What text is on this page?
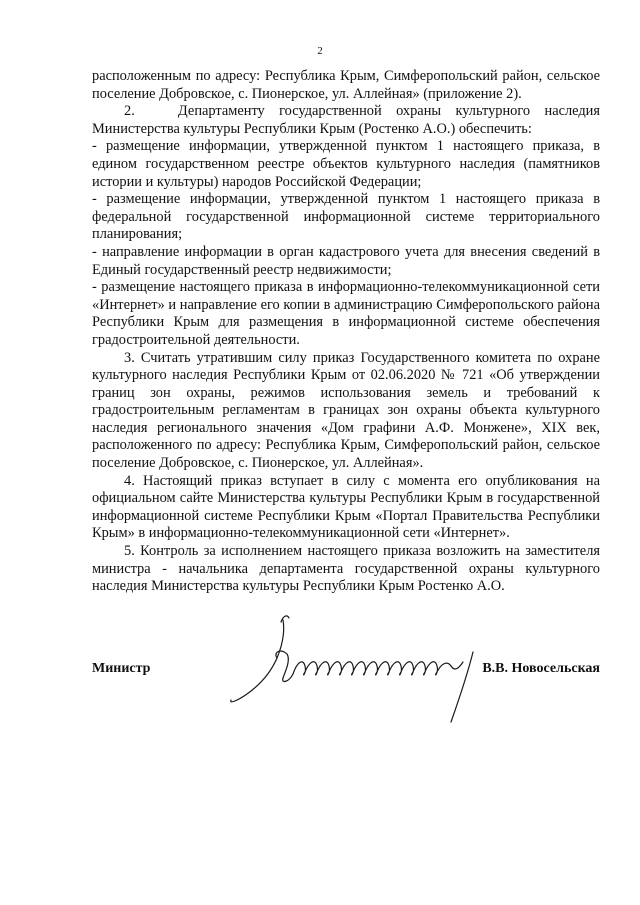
2

расположенным по адресу: Республика Крым, Симферопольский район, сельское поселение Добровское, с. Пионерское, ул. Аллейная» (приложение 2).

2.   Департаменту государственной охраны культурного наследия Министерства культуры Республики Крым (Ростенко А.О.) обеспечить:

- размещение информации, утвержденной пунктом 1 настоящего приказа, в едином государственном реестре объектов культурного наследия (памятников истории и культуры) народов Российской Федерации;

- размещение информации, утвержденной пунктом 1 настоящего приказа в федеральной государственной информационной системе территориального планирования;

- направление информации в орган кадастрового учета для внесения сведений в Единый государственный реестр недвижимости;

- размещение настоящего приказа в информационно-телекоммуникационной сети «Интернет» и направление его копии в администрацию Симферопольского района Республики Крым для размещения в информационной системе обеспечения градостроительной деятельности.

3. Считать утратившим силу приказ Государственного комитета по охране культурного наследия Республики Крым от 02.06.2020 № 721 «Об утверждении границ зон охраны, режимов использования земель и требований к градостроительным регламентам в границах зон охраны объекта культурного наследия регионального значения «Дом графини А.Ф. Монжене», XIX век, расположенного по адресу: Республика Крым, Симферопольский район, сельское поселение Добровское, с. Пионерское, ул. Аллейная».

4. Настоящий приказ вступает в силу с момента его опубликования на официальном сайте Министерства культуры Республики Крым в государственной информационной системе Республики Крым «Портал Правительства Республики Крым» в информационно-телекоммуникационной сети «Интернет».

5. Контроль за исполнением настоящего приказа возложить на заместителя министра - начальника департамента государственной охраны культурного наследия Министерства культуры Республики Крым Ростенко А.О.

Министр	В.В. Новосельская
